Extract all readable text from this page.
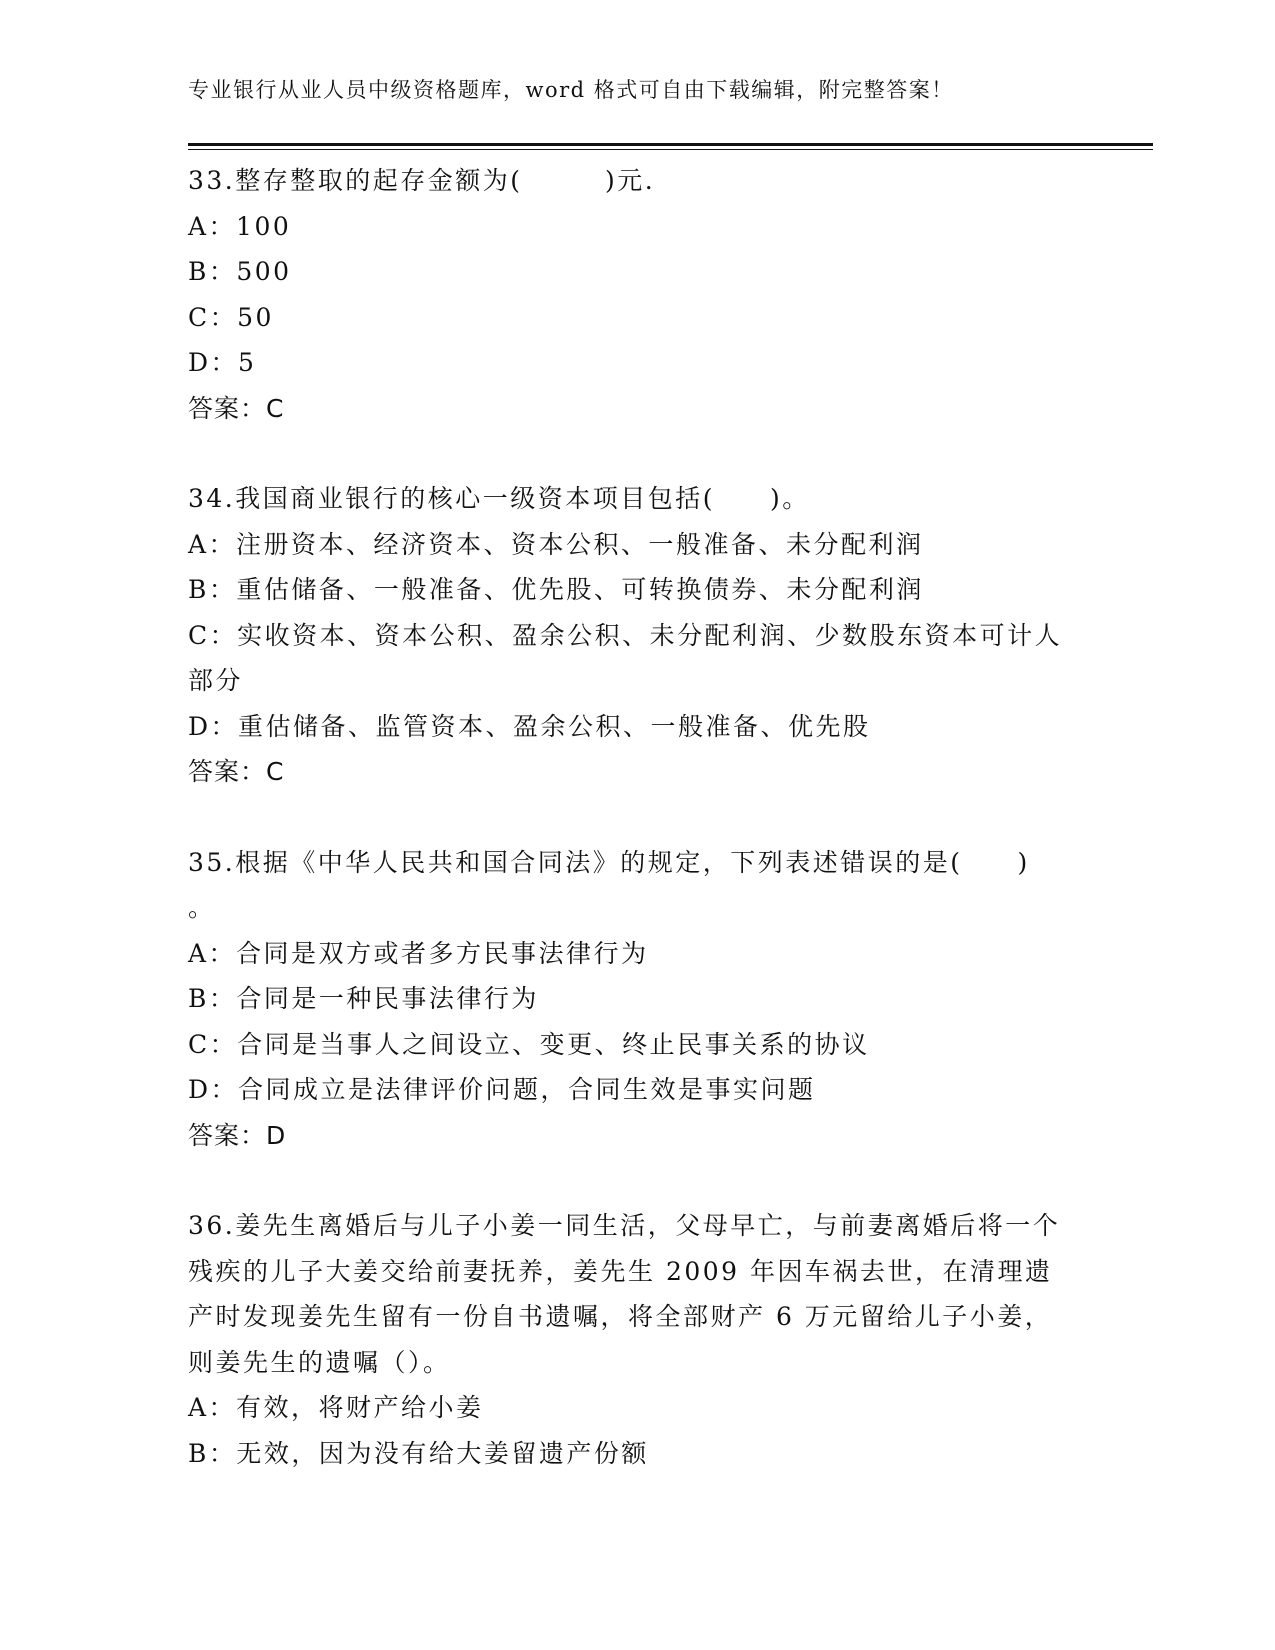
专业银行从业人员中级资格题库，word 格式可自由下载编辑，附完整答案！

33.整存整取的起存金额为(　　　)元.

A：100

B：500

C：50

D：5

答案：C

34.我国商业银行的核心一级资本项目包括(　　)。

A：注册资本、经济资本、资本公积、一般准备、未分配利润

B：重估储备、一般准备、优先股、可转换债券、未分配利润

C：实收资本、资本公积、盈余公积、未分配利润、少数股东资本可计人部分

D：重估储备、监管资本、盈余公积、一般准备、优先股

答案：C

35.根据《中华人民共和国合同法》的规定，下列表述错误的是(　　)

。

A：合同是双方或者多方民事法律行为

B：合同是一种民事法律行为

C：合同是当事人之间设立、变更、终止民事关系的协议

D：合同成立是法律评价问题，合同生效是事实问题

答案：D

36.姜先生离婚后与儿子小姜一同生活，父母早亡，与前妻离婚后将一个残疾的儿子大姜交给前妻抚养，姜先生 2009 年因车祸去世，在清理遗产时发现姜先生留有一份自书遗嘱，将全部财产 6 万元留给儿子小姜，则姜先生的遗嘱（）。

A：有效，将财产给小姜

B：无效，因为没有给大姜留遗产份额
